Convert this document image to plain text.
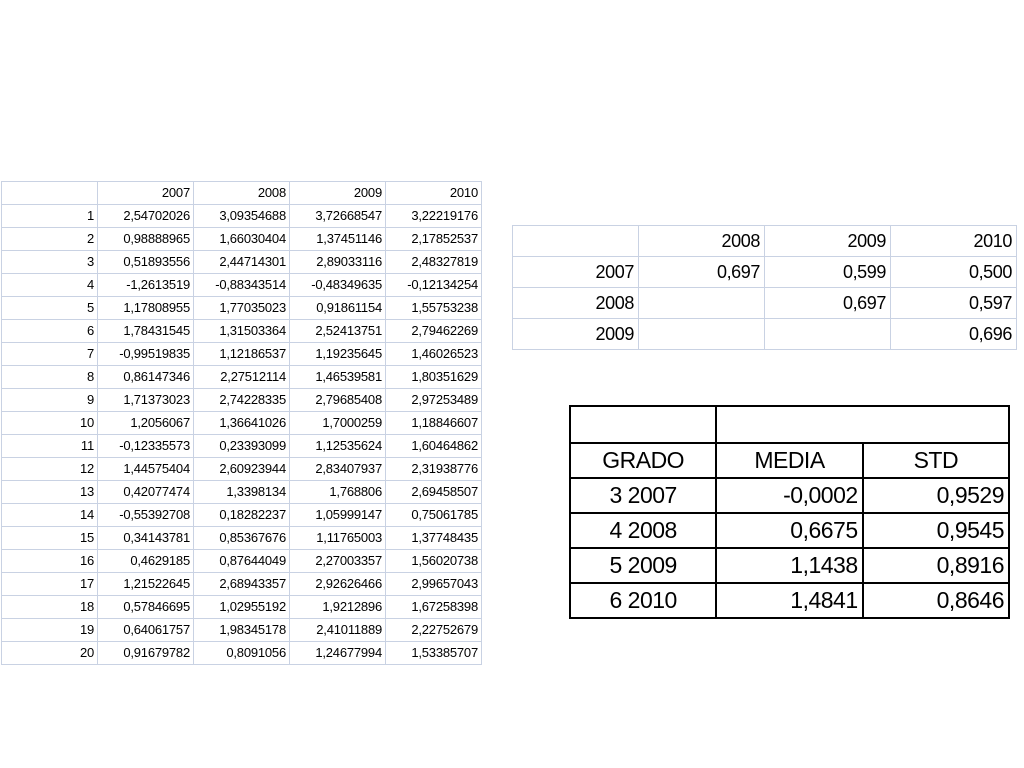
	2007	2008	2009	2010
1	2,54702026	3,09354688	3,72668547	3,22219176
2	0,98888965	1,66030404	1,37451146	2,17852537
3	0,51893556	2,44714301	2,89033116	2,48327819
4	-1,2613519	-0,88343514	-0,48349635	-0,12134254
5	1,17808955	1,77035023	0,91861154	1,55753238
6	1,78431545	1,31503364	2,52413751	2,79462269
7	-0,99519835	1,12186537	1,19235645	1,46026523
8	0,86147346	2,27512114	1,46539581	1,80351629
9	1,71373023	2,74228335	2,79685408	2,97253489
10	1,2056067	1,36641026	1,7000259	1,18846607
11	-0,12335573	0,23393099	1,12535624	1,60464862
12	1,44575404	2,60923944	2,83407937	2,31938776
13	0,42077474	1,3398134	1,768806	2,69458507
14	-0,55392708	0,18282237	1,05999147	0,75061785
15	0,34143781	0,85367676	1,11765003	1,37748435
16	0,4629185	0,87644049	2,27003357	1,56020738
17	1,21522645	2,68943357	2,92626466	2,99657043
18	0,57846695	1,02955192	1,9212896	1,67258398
19	0,64061757	1,98345178	2,41011889	2,22752679
20	0,91679782	0,8091056	1,24677994	1,53385707
	2008	2009	2010
2007	0,697	0,599	0,500
2008		0,697	0,597
2009			0,696

GRADO	MEDIA	STD
3 2007	-0,0002	0,9529
4 2008	0,6675	0,9545
5 2009	1,1438	0,8916
6 2010	1,4841	0,8646
